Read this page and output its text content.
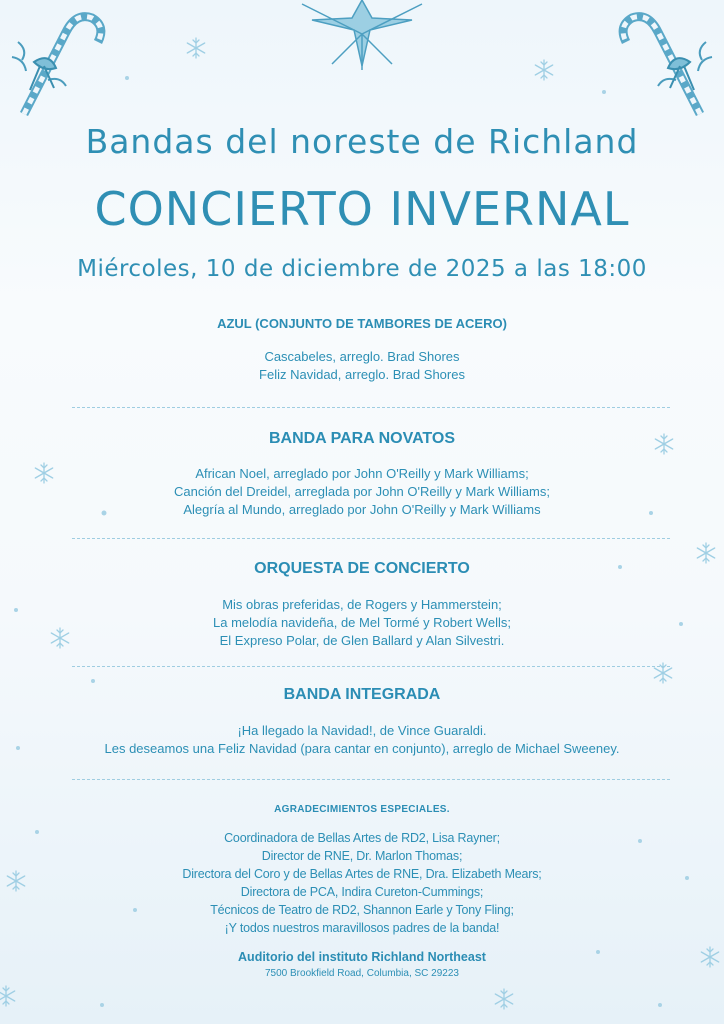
Bandas del noreste de Richland
CONCIERTO INVERNAL
Miércoles, 10 de diciembre de 2025 a las 18:00
AZUL (CONJUNTO DE TAMBORES DE ACERO)
Cascabeles, arreglo. Brad Shores
Feliz Navidad, arreglo. Brad Shores
BANDA PARA NOVATOS
African Noel, arreglado por John O'Reilly y Mark Williams;
Canción del Dreidel, arreglada por John O'Reilly y Mark Williams;
Alegría al Mundo, arreglado por John O'Reilly y Mark Williams
ORQUESTA DE CONCIERTO
Mis obras preferidas, de Rogers y Hammerstein;
La melodía navideña, de Mel Tormé y Robert Wells;
El Expreso Polar, de Glen Ballard y Alan Silvestri.
BANDA INTEGRADA
¡Ha llegado la Navidad!, de Vince Guaraldi.
Les deseamos una Feliz Navidad (para cantar en conjunto), arreglo de Michael Sweeney.
AGRADECIMIENTOS ESPECIALES.
Coordinadora de Bellas Artes de RD2, Lisa Rayner;
Director de RNE, Dr. Marlon Thomas;
Directora del Coro y de Bellas Artes de RNE, Dra. Elizabeth Mears;
Directora de PCA, Indira Cureton-Cummings;
Técnicos de Teatro de RD2, Shannon Earle y Tony Fling;
¡Y todos nuestros maravillosos padres de la banda!
Auditorio del instituto Richland Northeast
7500 Brookfield Road, Columbia, SC 29223
